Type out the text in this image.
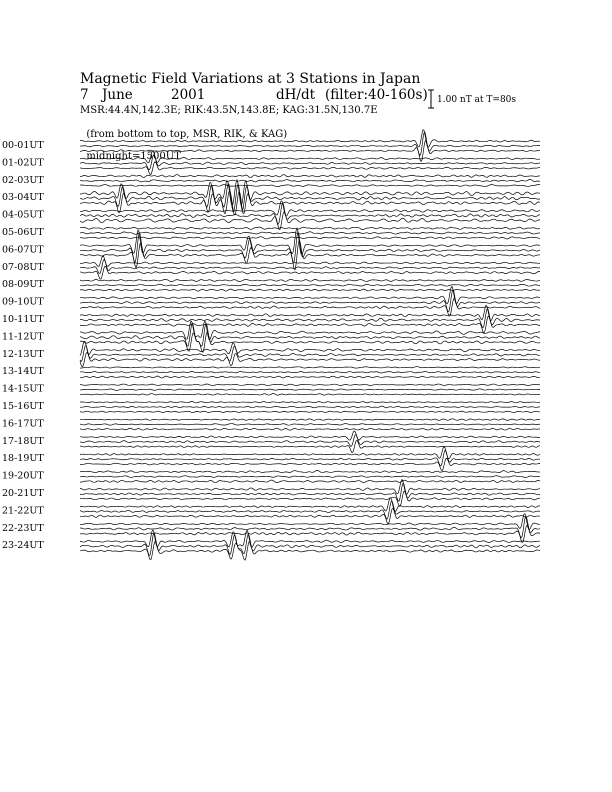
Magnetic Field Variations at 3 Stations in Japan

7

June

	2001

	dH/dt

(filter:40-160s)

MSR:44.4N,142.3E; RIK:43.5N,143.8E; KAG:31.5N,130.7E

(from bottom to top, MSR, RIK, & KAG)

midnight=1500UT

1.00 nT at T=80s
00-01UT
01-02UT
02-03UT
03-04UT
04-05UT
05-06UT
06-07UT
07-08UT
08-09UT
09-10UT
10-11UT
11-12UT
12-13UT
13-14UT
14-15UT
15-16UT
16-17UT
17-18UT
18-19UT
19-20UT
20-21UT
21-22UT
22-23UT
23-24UT
